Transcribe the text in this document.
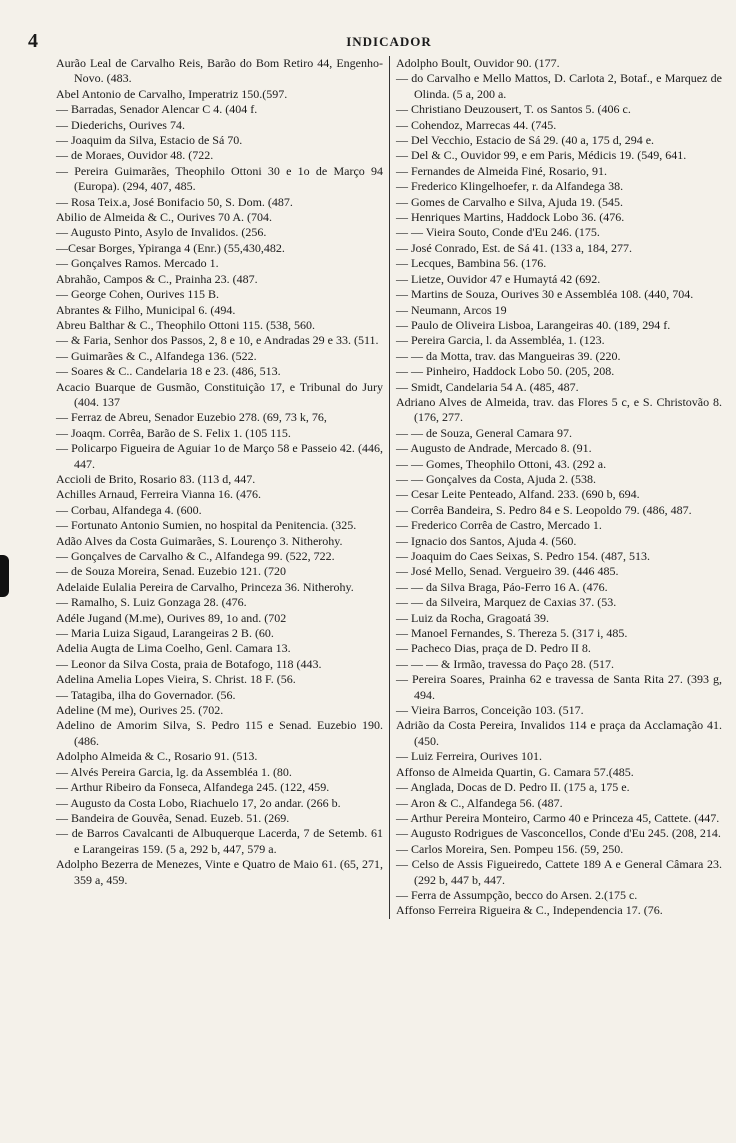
4	INDICADOR

Aurão Leal de Carvalho Reis, Barão do Bom Retiro 44, Engenho-Novo. (483.

Abel Antonio de Carvalho, Imperatriz 150.(597.

— Barradas, Senador Alencar C 4. (404 f.

— Diederichs, Ourives 74.

— Joaquim da Silva, Estacio de Sá 70.

— de Moraes, Ouvidor 48. (722.

— Pereira Guimarães, Theophilo Ottoni 30 e 1o de Março 94 (Europa). (294, 407, 485.

— Rosa Teix.a, José Bonifacio 50, S. Dom. (487.

Abilio de Almeida & C., Ourives 70 A. (704.

— Augusto Pinto, Asylo de Invalidos. (256.

—Cesar Borges, Ypiranga 4 (Enr.) (55,430,482.

— Gonçalves Ramos. Mercado 1.

Abrahão, Campos & C., Prainha 23. (487.

— George Cohen, Ourives 115 B.

Abrantes & Filho, Municipal 6. (494.

Abreu Balthar & C., Theophilo Ottoni 115. (538, 560.

— & Faria, Senhor dos Passos, 2, 8 e 10, e Andradas 29 e 33. (511.

— Guimarães & C., Alfandega 136. (522.

— Soares & C.. Candelaria 18 e 23. (486, 513.

Acacio Buarque de Gusmão, Constituição 17, e Tribunal do Jury (404. 137

— Ferraz de Abreu, Senador Euzebio 278. (69, 73 k, 76,

— Joaqm. Corrêa, Barão de S. Felix 1. (105 115.

— Policarpo Figueira de Aguiar 1o de Março 58 e Passeio 42. (446, 447.

Accioli de Brito, Rosario 83. (113 d, 447.

Achilles Arnaud, Ferreira Vianna 16. (476.

— Corbau, Alfandega 4. (600.

— Fortunato Antonio Sumien, no hospital da Penitencia. (325.

Adão Alves da Costa Guimarães, S. Lourenço 3. Nitherohy.

— Gonçalves de Carvalho & C., Alfandega 99. (522, 722.

— de Souza Moreira, Senad. Euzebio 121. (720

Adelaide Eulalia Pereira de Carvalho, Princeza 36. Nitherohy.

— Ramalho, S. Luiz Gonzaga 28. (476.

Adéle Jugand (M.me), Ourives 89, 1o and. (702

— Maria Luiza Sigaud, Larangeiras 2 B. (60.

Adelia Augta de Lima Coelho, Genl. Camara 13.

— Leonor da Silva Costa, praia de Botafogo, 118 (443.

Adelina Amelia Lopes Vieira, S. Christ. 18 F. (56.

— Tatagiba, ilha do Governador. (56.

Adeline (M me), Ourives 25. (702.

Adelino de Amorim Silva, S. Pedro 115 e Senad. Euzebio 190. (486.

Adolpho Almeida & C., Rosario 91. (513.

— Alvés Pereira Garcia, lg. da Assembléa 1. (80.

— Arthur Ribeiro da Fonseca, Alfandega 245. (122, 459.

— Augusto da Costa Lobo, Riachuelo 17, 2o andar. (266 b.

— Bandeira de Gouvêa, Senad. Euzeb. 51. (269.

— de Barros Cavalcanti de Albuquerque Lacerda, 7 de Setemb. 61 e Larangeiras 159. (5 a, 292 b, 447, 579 a.

Adolpho Bezerra de Menezes, Vinte e Quatro de Maio 61. (65, 271, 359 a, 459.

Adolpho Boult, Ouvidor 90. (177.

— do Carvalho e Mello Mattos, D. Carlota 2, Botaf., e Marquez de Olinda. (5 a, 200 a.

— Christiano Deuzousert, T. os Santos 5. (406 c.

— Cohendoz, Marrecas 44. (745.

— Del Vecchio, Estacio de Sá 29. (40 a, 175 d, 294 e.

— Del & C., Ouvidor 99, e em Paris, Médicis 19. (549, 641.

— Fernandes de Almeida Finé, Rosario, 91.

— Frederico Klingelhoefer, r. da Alfandega 38.

— Gomes de Carvalho e Silva, Ajuda 19. (545.

— Henriques Martins, Haddock Lobo 36. (476.

— — Vieira Souto, Conde d'Eu 246. (175.

— José Conrado, Est. de Sá 41. (133 a, 184, 277.

— Lecques, Bambina 56. (176.

— Lietze, Ouvidor 47 e Humaytá 42 (692.

— Martins de Souza, Ourives 30 e Assembléa 108. (440, 704.

— Neumann, Arcos 19

— Paulo de Oliveira Lisboa, Larangeiras 40. (189, 294 f.

— Pereira Garcia, l. da Assembléa, 1. (123.

— — da Motta, trav. das Mangueiras 39. (220.

— — Pinheiro, Haddock Lobo 50. (205, 208.

— Smidt, Candelaria 54 A. (485, 487.

Adriano Alves de Almeida, trav. das Flores 5 c, e S. Christovão 8. (176, 277.

— — de Souza, General Camara 97.

— Augusto de Andrade, Mercado 8. (91.

— — Gomes, Theophilo Ottoni, 43. (292 a.

— — Gonçalves da Costa, Ajuda 2. (538.

— Cesar Leite Penteado, Alfand. 233. (690 b, 694.

— Corrêa Bandeira, S. Pedro 84 e S. Leopoldo 79. (486, 487.

— Frederico Corrêa de Castro, Mercado 1.

— Ignacio dos Santos, Ajuda 4. (560.

— Joaquim do Caes Seixas, S. Pedro 154. (487, 513.

— José Mello, Senad. Vergueiro 39. (446 485.

— — da Silva Braga, Páo-Ferro 16 A. (476.

— — da Silveira, Marquez de Caxias 37. (53.

— Luiz da Rocha, Gragoatá 39.

— Manoel Fernandes, S. Thereza 5. (317 i, 485.

— Pacheco Dias, praça de D. Pedro II 8.

— — — & Irmão, travessa do Paço 28. (517.

— Pereira Soares, Prainha 62 e travessa de Santa Rita 27. (393 g, 494.

— Vieira Barros, Conceição 103. (517.

Adrião da Costa Pereira, Invalidos 114 e praça da Acclamação 41. (450.

— Luiz Ferreira, Ourives 101.

Affonso de Almeida Quartin, G. Camara 57.(485.

— Anglada, Docas de D. Pedro II. (175 a, 175 e.

— Aron & C., Alfandega 56. (487.

— Arthur Pereira Monteiro, Carmo 40 e Princeza 45, Cattete. (447.

— Augusto Rodrigues de Vasconcellos, Conde d'Eu 245. (208, 214.

— Carlos Moreira, Sen. Pompeu 156. (59, 250.

— Celso de Assis Figueiredo, Cattete 189 A e General Câmara 23. (292 b, 447 b, 447.

— Ferra de Assumpção, becco do Arsen. 2.(175 c.

Affonso Ferreira Rigueira & C., Independencia 17. (76.
